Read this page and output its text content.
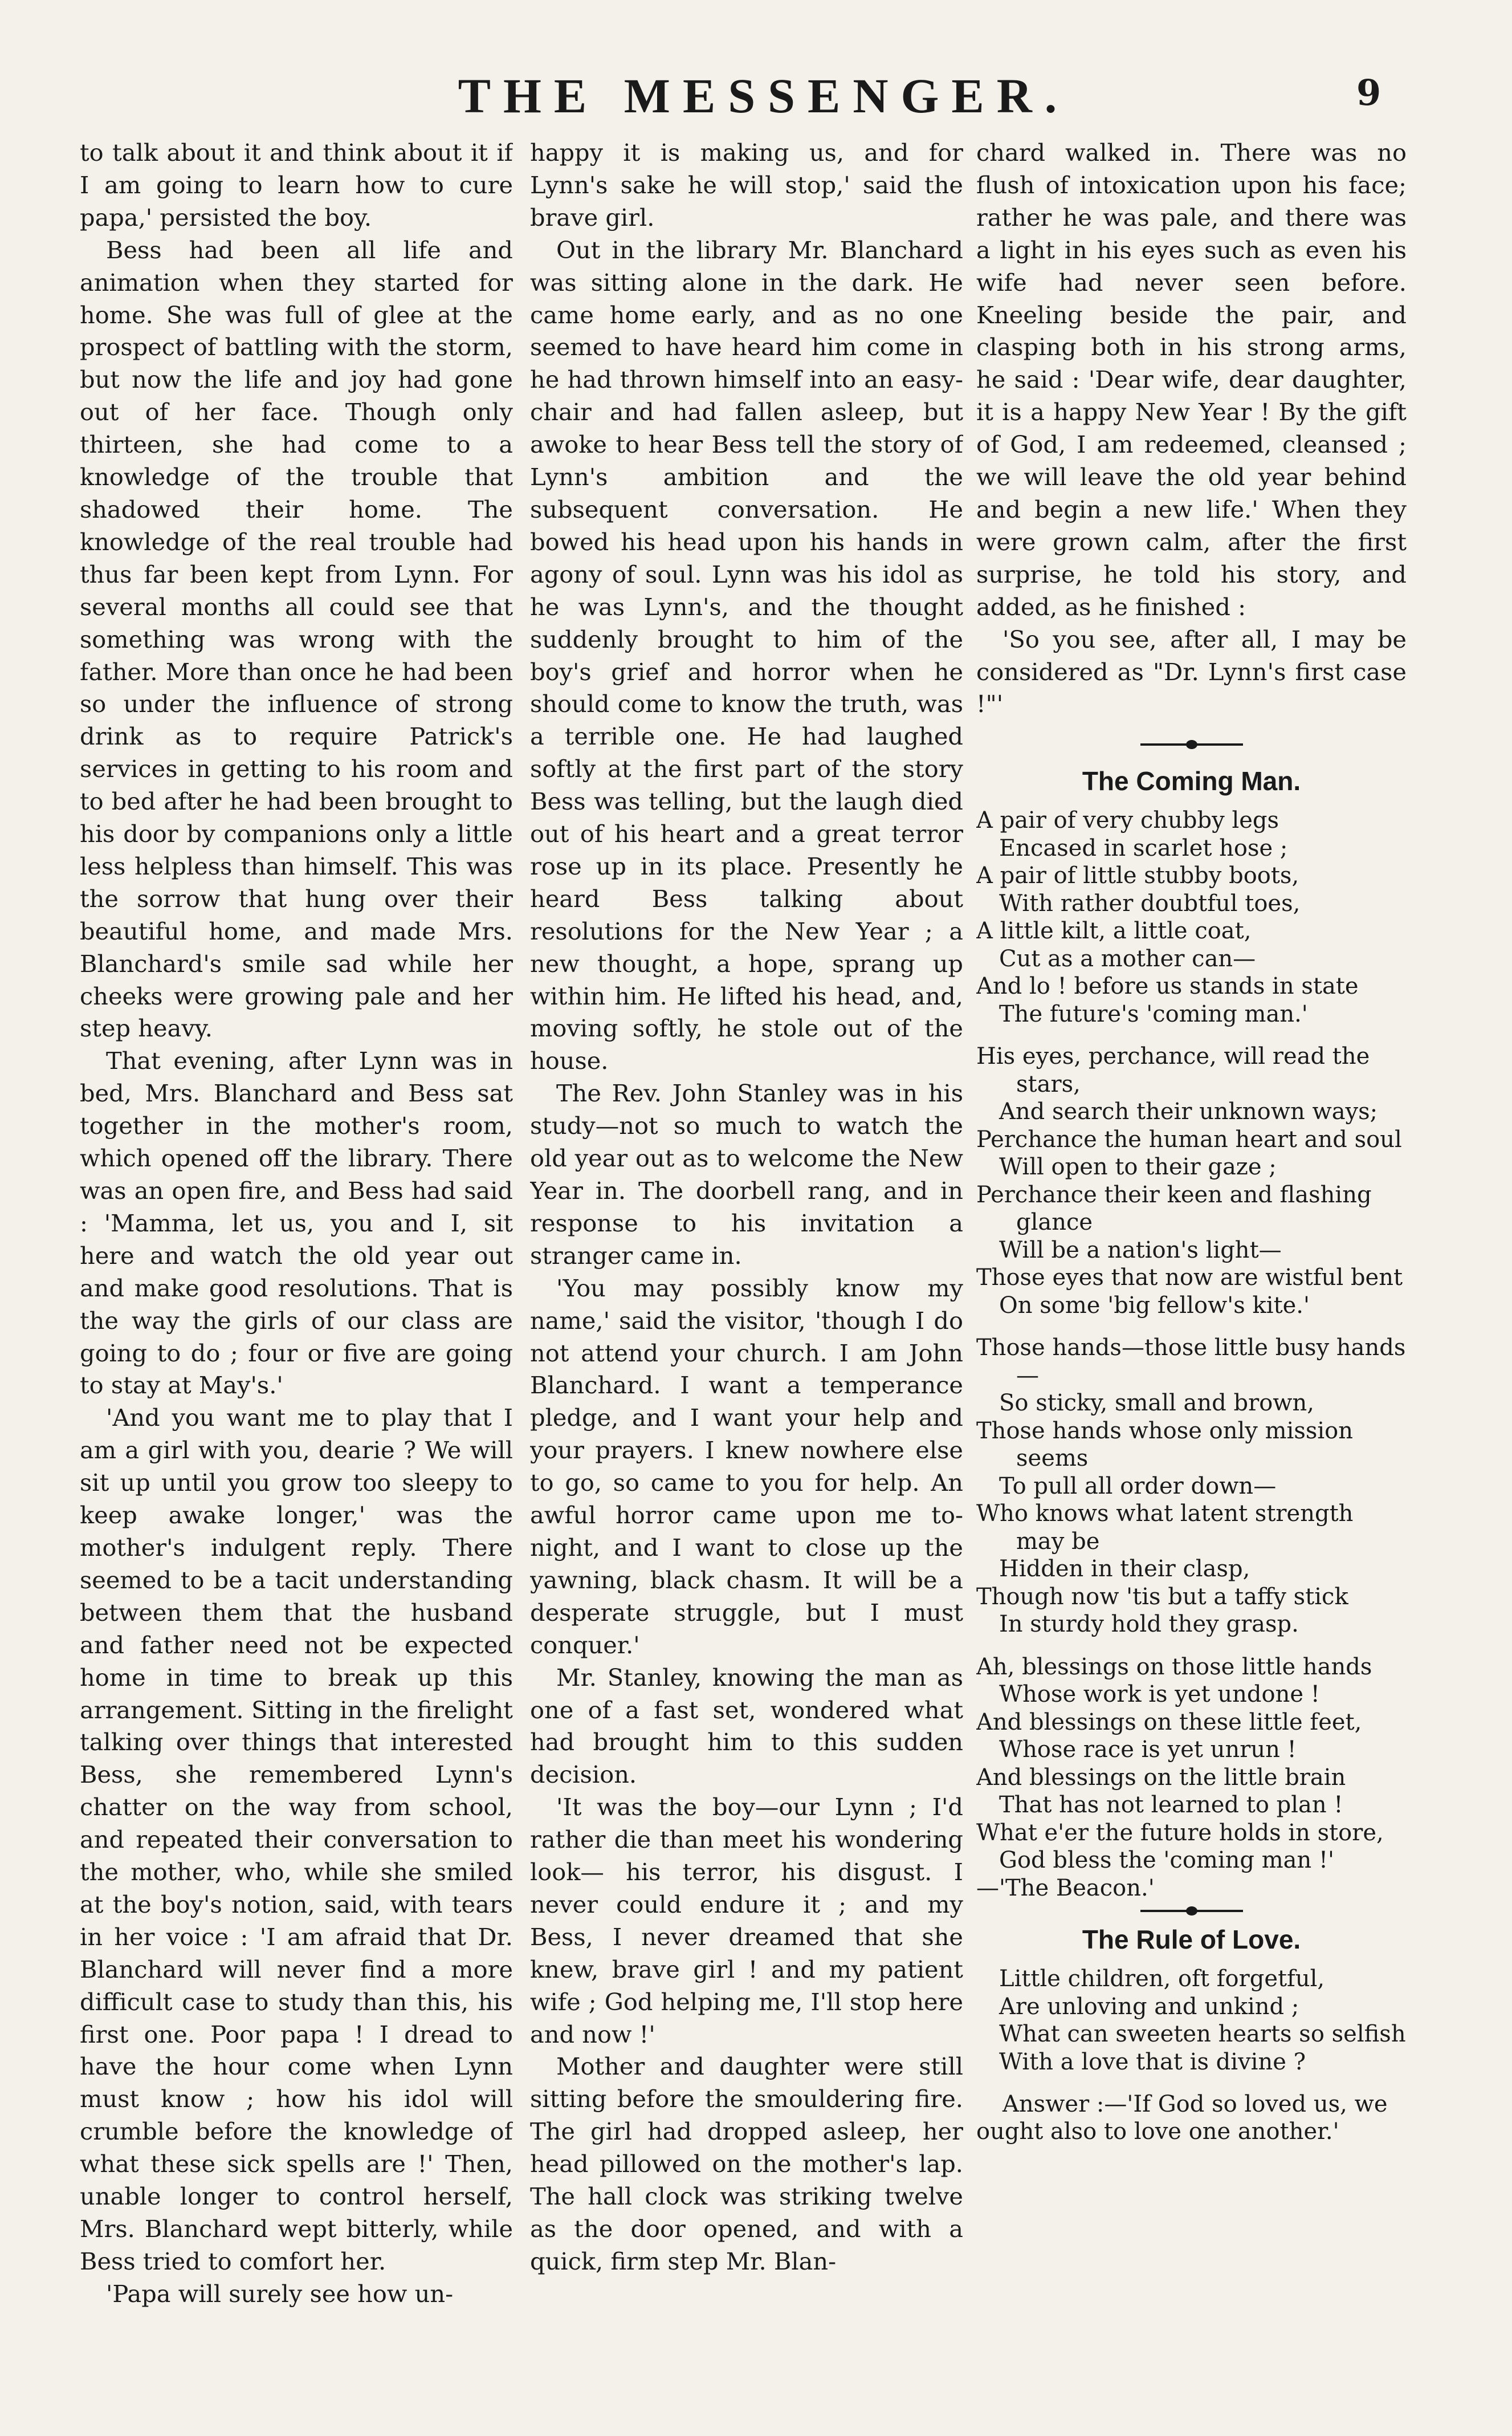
THE MESSENGER.	9

to talk about it and think about it if I am going to learn how to cure papa,' persisted the boy.

Bess had been all life and animation when they started for home. She was full of glee at the prospect of battling with the storm, but now the life and joy had gone out of her face. Though only thirteen, she had come to a knowledge of the trouble that shadowed their home. The knowledge of the real trouble had thus far been kept from Lynn. For several months all could see that something was wrong with the father. More than once he had been so under the influence of strong drink as to require Patrick's services in getting to his room and to bed after he had been brought to his door by companions only a little less helpless than himself. This was the sorrow that hung over their beautiful home, and made Mrs. Blanchard's smile sad while her cheeks were growing pale and her step heavy.

That evening, after Lynn was in bed, Mrs. Blanchard and Bess sat together in the mother's room, which opened off the library. There was an open fire, and Bess had said : 'Mamma, let us, you and I, sit here and watch the old year out and make good resolutions. That is the way the girls of our class are going to do ; four or five are going to stay at May's.'

'And you want me to play that I am a girl with you, dearie ? We will sit up until you grow too sleepy to keep awake longer,' was the mother's indulgent reply. There seemed to be a tacit understanding between them that the husband and father need not be expected home in time to break up this arrangement. Sitting in the firelight talking over things that interested Bess, she remembered Lynn's chatter on the way from school, and repeated their conversation to the mother, who, while she smiled at the boy's notion, said, with tears in her voice : 'I am afraid that Dr. Blanchard will never find a more difficult case to study than this, his first one. Poor papa ! I dread to have the hour come when Lynn must know ; how his idol will crumble before the knowledge of what these sick spells are !' Then, unable longer to control herself, Mrs. Blanchard wept bitterly, while Bess tried to comfort her.

'Papa will surely see how un-

happy it is making us, and for Lynn's sake he will stop,' said the brave girl.

Out in the library Mr. Blanchard was sitting alone in the dark. He came home early, and as no one seemed to have heard him come in he had thrown himself into an easy-chair and had fallen asleep, but awoke to hear Bess tell the story of Lynn's ambition and the subsequent conversation. He bowed his head upon his hands in agony of soul. Lynn was his idol as he was Lynn's, and the thought suddenly brought to him of the boy's grief and horror when he should come to know the truth, was a terrible one. He had laughed softly at the first part of the story Bess was telling, but the laugh died out of his heart and a great terror rose up in its place. Presently he heard Bess talking about resolutions for the New Year ; a new thought, a hope, sprang up within him. He lifted his head, and, moving softly, he stole out of the house.

The Rev. John Stanley was in his study—not so much to watch the old year out as to welcome the New Year in. The doorbell rang, and in response to his invitation a stranger came in.

'You may possibly know my name,' said the visitor, 'though I do not attend your church. I am John Blanchard. I want a temperance pledge, and I want your help and your prayers. I knew nowhere else to go, so came to you for help. An awful horror came upon me to-night, and I want to close up the yawning, black chasm. It will be a desperate struggle, but I must conquer.'

Mr. Stanley, knowing the man as one of a fast set, wondered what had brought him to this sudden decision.

'It was the boy—our Lynn ; I'd rather die than meet his wondering look— his terror, his disgust. I never could endure it ; and my Bess, I never dreamed that she knew, brave girl ! and my patient wife ; God helping me, I'll stop here and now !'

Mother and daughter were still sitting before the smouldering fire. The girl had dropped asleep, her head pillowed on the mother's lap. The hall clock was striking twelve as the door opened, and with a quick, firm step Mr. Blan-

chard walked in. There was no flush of intoxication upon his face; rather he was pale, and there was a light in his eyes such as even his wife had never seen before. Kneeling beside the pair, and clasping both in his strong arms, he said : 'Dear wife, dear daughter, it is a happy New Year ! By the gift of God, I am redeemed, cleansed ; we will leave the old year behind and begin a new life.' When they were grown calm, after the first surprise, he told his story, and added, as he finished :

'So you see, after all, I may be considered as "Dr. Lynn's first case !"'

The Coming Man.
A pair of very chubby legs
Encased in scarlet hose ;
A pair of little stubby boots,
With rather doubtful toes,
A little kilt, a little coat,
Cut as a mother can—
And lo ! before us stands in state
The future's 'coming man.'
His eyes, perchance, will read the stars,
And search their unknown ways;
Perchance the human heart and soul
Will open to their gaze ;
Perchance their keen and flashing glance
Will be a nation's light—
Those eyes that now are wistful bent
On some 'big fellow's kite.'
Those hands—those little busy hands—
So sticky, small and brown,
Those hands whose only mission seems
To pull all order down—
Who knows what latent strength may be
Hidden in their clasp,
Though now 'tis but a taffy stick
In sturdy hold they grasp.
Ah, blessings on those little hands
Whose work is yet undone !
And blessings on these little feet,
Whose race is yet unrun !
And blessings on the little brain
That has not learned to plan !
What e'er the future holds in store,
God bless the 'coming man !'
—'The Beacon.'
The Rule of Love.
Little children, oft forgetful,
Are unloving and unkind ;
What can sweeten hearts so selfish
With a love that is divine ?

Answer :—'If God so loved us, we ought also to love one another.'
